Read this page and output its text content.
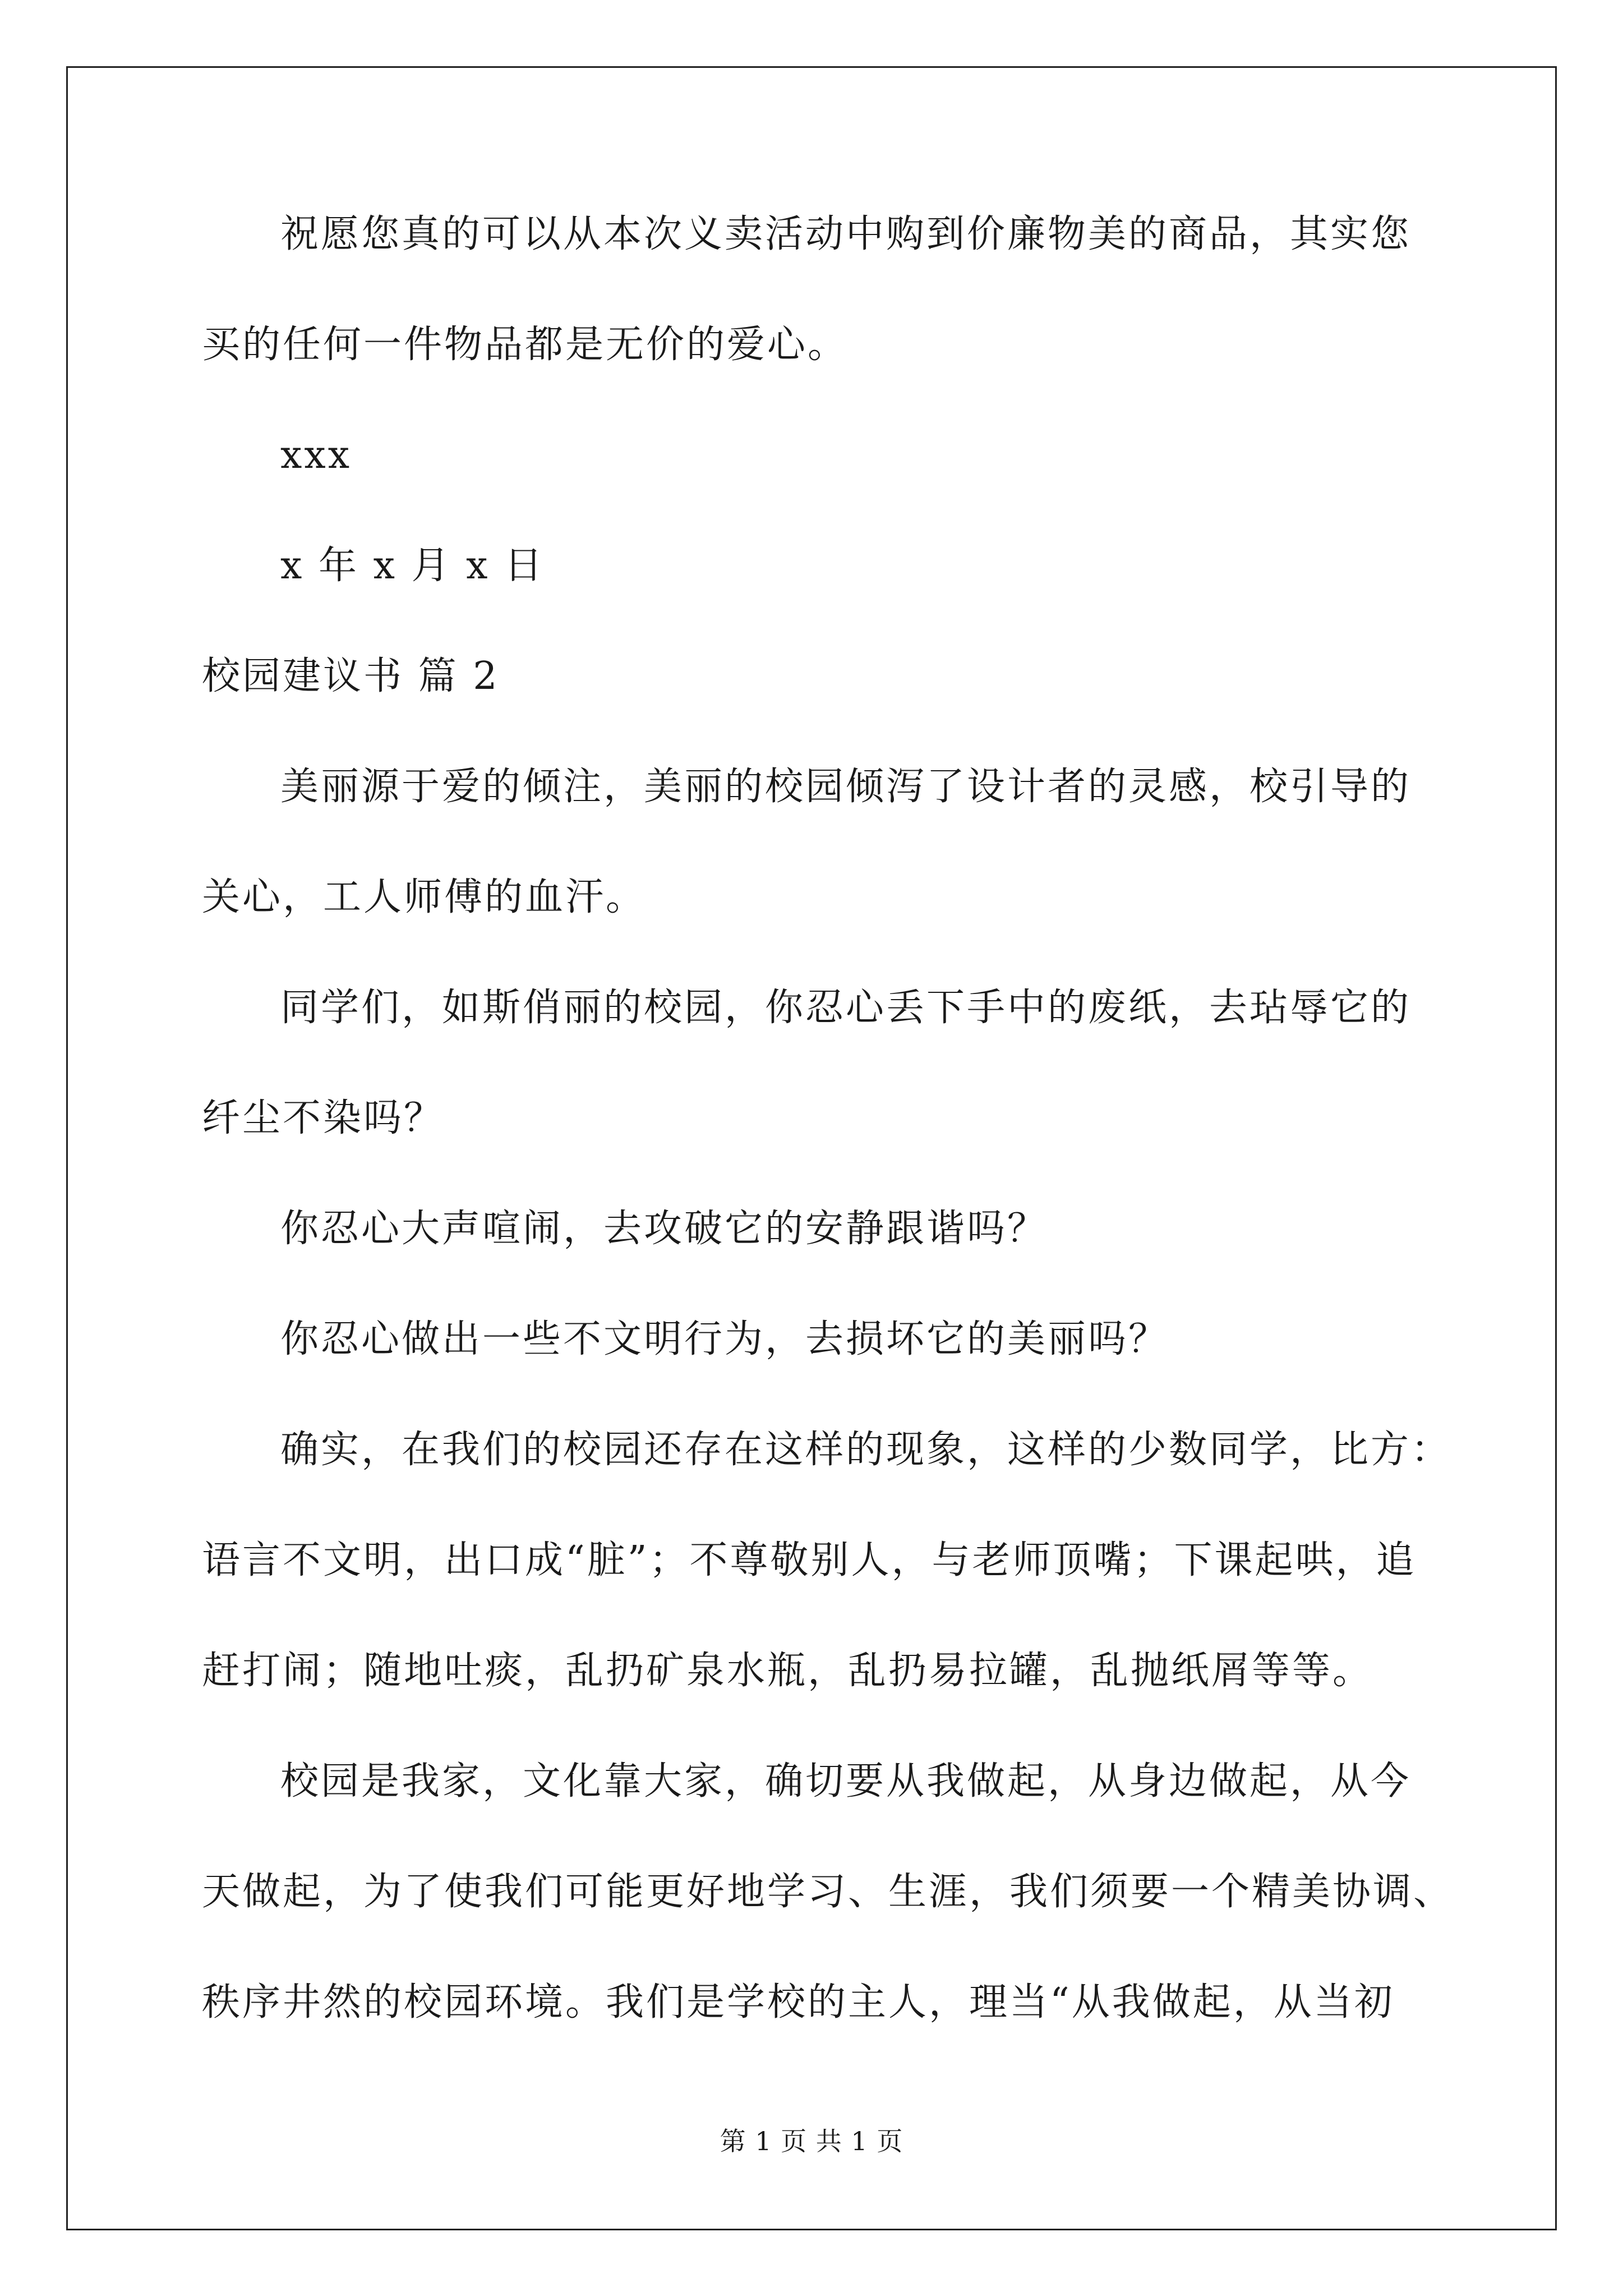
祝愿您真的可以从本次义卖活动中购到价廉物美的商品，其实您

买的任何一件物品都是无价的爱心。

xxx

x 年 x 月 x 日

校园建议书 篇 2

美丽源于爱的倾注，美丽的校园倾泻了设计者的灵感，校引导的

关心，工人师傅的血汗。

同学们，如斯俏丽的校园，你忍心丢下手中的废纸，去玷辱它的

纤尘不染吗？

你忍心大声喧闹，去攻破它的安静跟谐吗？

你忍心做出一些不文明行为，去损坏它的美丽吗？

确实，在我们的校园还存在这样的现象，这样的少数同学，比方：

语言不文明，出口成“脏”；不尊敬别人，与老师顶嘴；下课起哄，追

赶打闹；随地吐痰，乱扔矿泉水瓶，乱扔易拉罐，乱抛纸屑等等。

校园是我家，文化靠大家，确切要从我做起，从身边做起，从今

天做起，为了使我们可能更好地学习、生涯，我们须要一个精美协调、

秩序井然的校园环境。我们是学校的主人，理当“从我做起，从当初

第 1 页 共 1 页
